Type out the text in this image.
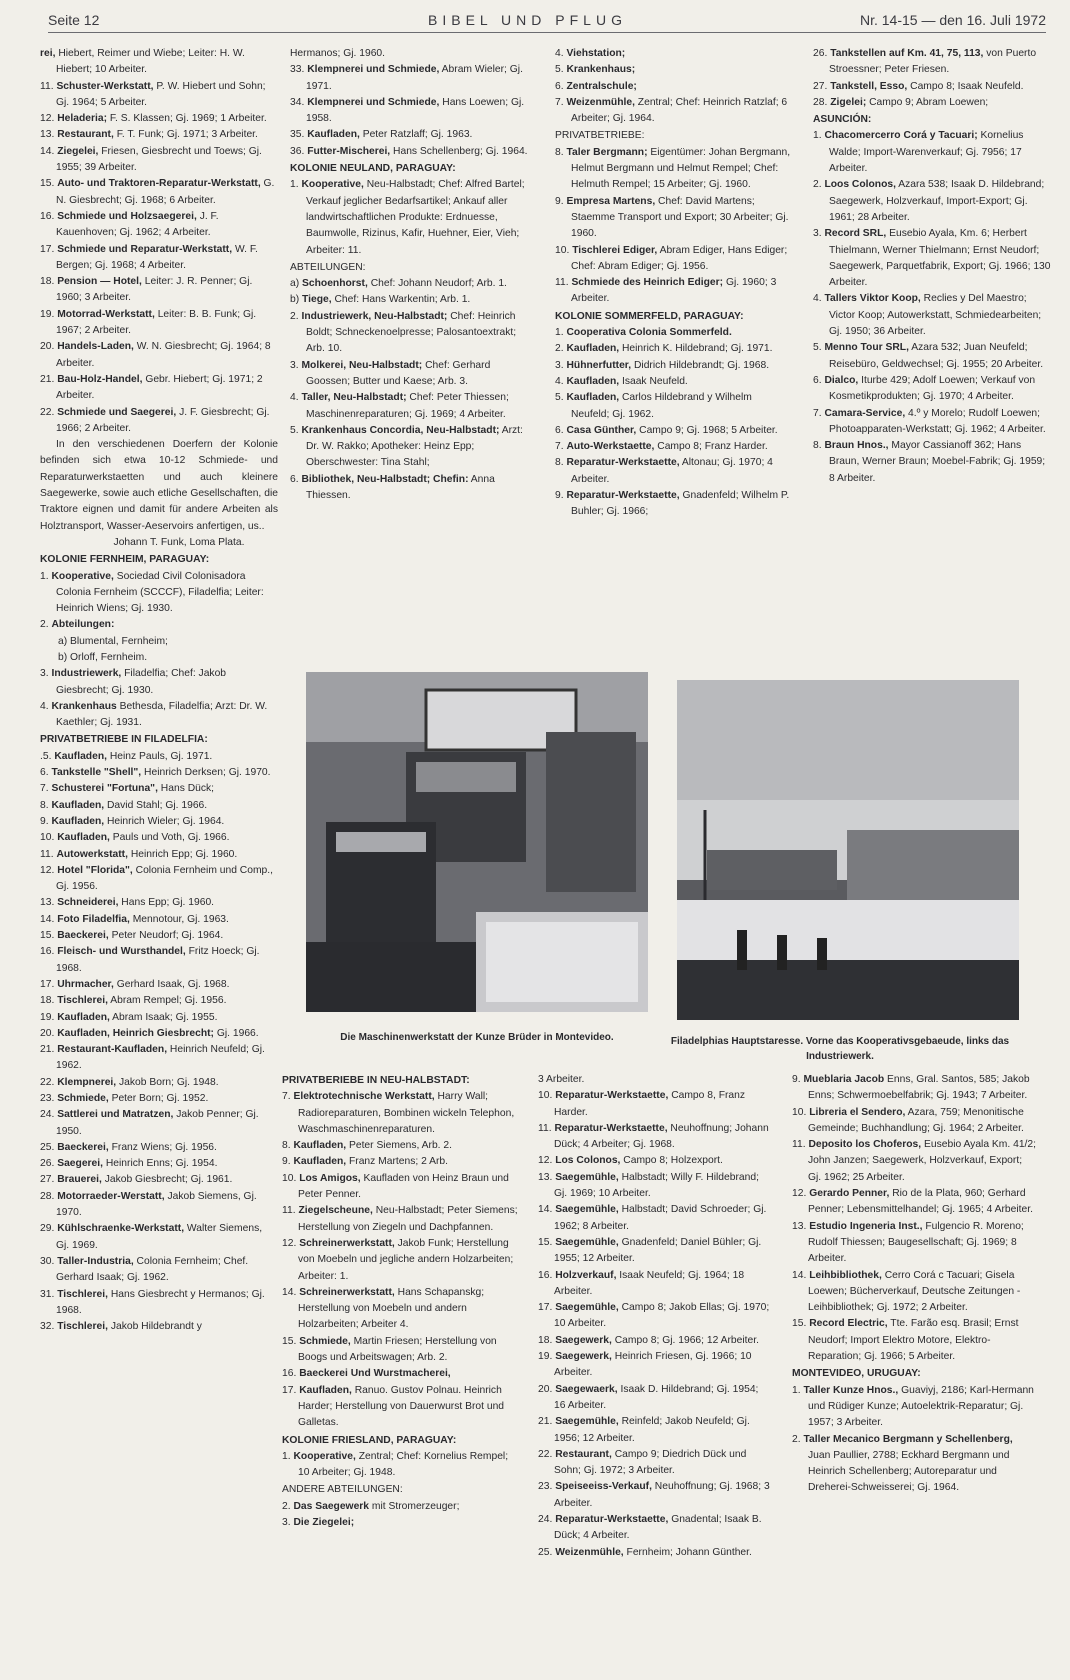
Seite 12	BIBEL UND PFLUG	Nr. 14-15 — den 16. Juli 1972

rei, Hiebert, Reimer und Wiebe; Leiter: H. W. Hiebert; 10 Arbeiter.

11. Schuster-Werkstatt, P. W. Hiebert und Sohn; Gj. 1964; 5 Arbeiter.

12. Heladeria; F. S. Klassen; Gj. 1969; 1 Arbeiter.

13. Restaurant, F. T. Funk; Gj. 1971; 3 Arbeiter.

14. Ziegelei, Friesen, Giesbrecht und Toews; Gj. 1955; 39 Arbeiter.

15. Auto- und Traktoren-Reparatur-Werkstatt, G. N. Giesbrecht; Gj. 1968; 6 Arbeiter.

16. Schmiede und Holzsaegerei, J. F. Kauenhoven; Gj. 1962; 4 Arbeiter.

17. Schmiede und Reparatur-Werkstatt, W. F. Bergen; Gj. 1968; 4 Arbeiter.

18. Pension — Hotel, Leiter: J. R. Penner; Gj. 1960; 3 Arbeiter.

19. Motorrad-Werkstatt, Leiter: B. B. Funk; Gj. 1967; 2 Arbeiter.

20. Handels-Laden, W. N. Giesbrecht; Gj. 1964; 8 Arbeiter.

21. Bau-Holz-Handel, Gebr. Hiebert; Gj. 1971; 2 Arbeiter.

22. Schmiede und Saegerei, J. F. Giesbrecht; Gj. 1966; 2 Arbeiter.

In den verschiedenen Doerfern der Kolonie befinden sich etwa 10-12 Schmiede- und Reparaturwerkstaetten und auch kleinere Saegewerke, sowie auch etliche Gesellschaften, die Traktore eignen und damit für andere Arbeiten als Holztransport, Wasser-Aeservoirs anfertigen, us..

Johann T. Funk, Loma Plata.

KOLONIE FERNHEIM, PARAGUAY:

1. Kooperative, Sociedad Civil Colonisadora Colonia Fernheim (SCCCF), Filadelfia; Leiter: Heinrich Wiens; Gj. 1930.

2. Abteilungen:

a) Blumental, Fernheim;

b) Orloff, Fernheim.

3. Industriewerk, Filadelfia; Chef: Jakob Giesbrecht; Gj. 1930.

4. Krankenhaus Bethesda, Filadelfia; Arzt: Dr. W. Kaethler; Gj. 1931.

PRIVATBETRIEBE IN FILADELFIA:

.5. Kaufladen, Heinz Pauls, Gj. 1971.

6. Tankstelle "Shell", Heinrich Derksen; Gj. 1970.

7. Schusterei "Fortuna", Hans Dück;

8. Kaufladen, David Stahl; Gj. 1966.

9. Kaufladen, Heinrich Wieler; Gj. 1964.

10. Kaufladen, Pauls und Voth, Gj. 1966.

11. Autowerkstatt, Heinrich Epp; Gj. 1960.

12. Hotel "Florida", Colonia Fernheim und Comp., Gj. 1956.

13. Schneiderei, Hans Epp; Gj. 1960.

14. Foto Filadelfia, Mennotour, Gj. 1963.

15. Baeckerei, Peter Neudorf; Gj. 1964.

16. Fleisch- und Wursthandel, Fritz Hoeck; Gj. 1968.

17. Uhrmacher, Gerhard Isaak, Gj. 1968.

18. Tischlerei, Abram Rempel; Gj. 1956.

19. Kaufladen, Abram Isaak; Gj. 1955.

20. Kaufladen, Heinrich Giesbrecht; Gj. 1966.

21. Restaurant-Kaufladen, Heinrich Neufeld; Gj. 1962.

22. Klempnerei, Jakob Born; Gj. 1948.

23. Schmiede, Peter Born; Gj. 1952.

24. Sattlerei und Matratzen, Jakob Penner; Gj. 1950.

25. Baeckerei, Franz Wiens; Gj. 1956.

26. Saegerei, Heinrich Enns; Gj. 1954.

27. Brauerei, Jakob Giesbrecht; Gj. 1961.

28. Motorraeder-Werstatt, Jakob Siemens, Gj. 1970.

29. Kühlschraenke-Werkstatt, Walter Siemens, Gj. 1969.

30. Taller-Industria, Colonia Fernheim; Chef. Gerhard Isaak; Gj. 1962.

31. Tischlerei, Hans Giesbrecht y Hermanos; Gj. 1968.

32. Tischlerei, Jakob Hildebrandt y

Hermanos; Gj. 1960.

33. Klempnerei und Schmiede, Abram Wieler; Gj. 1971.

34. Klempnerei und Schmiede, Hans Loewen; Gj. 1958.

35. Kaufladen, Peter Ratzlaff; Gj. 1963.

36. Futter-Mischerei, Hans Schellenberg; Gj. 1964.

KOLONIE NEULAND, PARAGUAY:

1. Kooperative, Neu-Halbstadt; Chef: Alfred Bartel; Verkauf jeglicher Bedarfsartikel; Ankauf aller landwirtschaftlichen Produkte: Erdnuesse, Baumwolle, Rizinus, Kafir, Huehner, Eier, Vieh; Arbeiter: 11.

ABTEILUNGEN:

a) Schoenhorst, Chef: Johann Neudorf; Arb. 1.

b) Tiege, Chef: Hans Warkentin; Arb. 1.

2. Industriewerk, Neu-Halbstadt; Chef: Heinrich Boldt; Schneckenoelpresse; Palosantoextrakt; Arb. 10.

3. Molkerei, Neu-Halbstadt; Chef: Gerhard Goossen; Butter und Kaese; Arb. 3.

4. Taller, Neu-Halbstadt; Chef: Peter Thiessen; Maschinenreparaturen; Gj. 1969; 4 Arbeiter.

5. Krankenhaus Concordia, Neu-Halbstadt; Arzt: Dr. W. Rakko; Apotheker: Heinz Epp; Oberschwester: Tina Stahl;

6. Bibliothek, Neu-Halbstadt; Chefin: Anna Thiessen.

4. Viehstation;

5. Krankenhaus;

6. Zentralschule;

7. Weizenmühle, Zentral; Chef: Heinrich Ratzlaf; 6 Arbeiter; Gj. 1964.

PRIVATBETRIEBE:

8. Taler Bergmann; Eigentümer: Johan Bergmann, Helmut Bergmann und Helmut Rempel; Chef: Helmuth Rempel; 15 Arbeiter; Gj. 1960.

9. Empresa Martens, Chef: David Martens; Staemme Transport und Export; 30 Arbeiter; Gj. 1960.

10. Tischlerei Ediger, Abram Ediger, Hans Ediger; Chef: Abram Ediger; Gj. 1956.

11. Schmiede des Heinrich Ediger; Gj. 1960; 3 Arbeiter.

KOLONIE SOMMERFELD, PARAGUAY:

1. Cooperativa Colonia Sommerfeld.

2. Kaufladen, Heinrich K. Hildebrand; Gj. 1971.

3. Hühnerfutter, Didrich Hildebrandt; Gj. 1968.

4. Kaufladen, Isaak Neufeld.

5. Kaufladen, Carlos Hildebrand y Wilhelm Neufeld; Gj. 1962.

6. Casa Günther, Campo 9; Gj. 1968; 5 Arbeiter.

7. Auto-Werkstaette, Campo 8; Franz Harder.

8. Reparatur-Werkstaette, Altonau; Gj. 1970; 4 Arbeiter.

9. Reparatur-Werkstaette, Gnadenfeld; Wilhelm P. Buhler; Gj. 1966;

26. Tankstellen auf Km. 41, 75, 113, von Puerto Stroessner; Peter Friesen.

27. Tankstell, Esso, Campo 8; Isaak Neufeld.

28. Zigelei; Campo 9; Abram Loewen;

ASUNCIÓN:

1. Chacomercerro Corá y Tacuari; Kornelius Walde; Import-Warenverkauf; Gj. 7956; 17 Arbeiter.

2. Loos Colonos, Azara 538; Isaak D. Hildebrand; Saegewerk, Holzverkauf, Import-Export; Gj. 1961; 28 Arbeiter.

3. Record SRL, Eusebio Ayala, Km. 6; Herbert Thielmann, Werner Thielmann; Ernst Neudorf; Saegewerk, Parquetfabrik, Export; Gj. 1966; 130 Arbeiter.

4. Tallers Viktor Koop, Reclies y Del Maestro; Victor Koop; Autowerkstatt, Schmiedearbeiten; Gj. 1950; 36 Arbeiter.

5. Menno Tour SRL, Azara 532; Juan Neufeld; Reisebüro, Geldwechsel; Gj. 1955; 20 Arbeiter.

6. Dialco, Iturbe 429; Adolf Loewen; Verkauf von Kosmetikprodukten; Gj. 1970; 4 Arbeiter.

7. Camara-Service, 4.º y Morelo; Rudolf Loewen; Photoapparaten-Werkstatt; Gj. 1962; 4 Arbeiter.

8. Braun Hnos., Mayor Cassianoff 362; Hans Braun, Werner Braun; Moebel-Fabrik; Gj. 1959; 8 Arbeiter.

Die Maschinenwerkstatt der Kunze Brüder in Montevideo.	Filadelphias Hauptstaresse. Vorne das Kooperativsgebaeude, links das Industriewerk.

PRIVATBERIEBE IN NEU-HALBSTADT:

7. Elektrotechnische Werkstatt, Harry Wall; Radioreparaturen, Bombinen wickeln Telephon, Waschmaschinenreparaturen.

8. Kaufladen, Peter Siemens, Arb. 2.

9. Kaufladen, Franz Martens; 2 Arb.

10. Los Amigos, Kaufladen von Heinz Braun und Peter Penner.

11. Ziegelscheune, Neu-Halbstadt; Peter Siemens; Herstellung von Ziegeln und Dachpfannen.

12. Schreinerwerkstatt, Jakob Funk; Herstellung von Moebeln und jegliche andern Holzarbeiten; Arbeiter: 1.

14. Schreinerwerkstatt, Hans Schapanskg; Herstellung von Moebeln und andern Holzarbeiten; Arbeiter 4.

15. Schmiede, Martin Friesen; Herstellung von Boogs und Arbeitswagen; Arb. 2.

16. Baeckerei Und Wurstmacherei,

17. Kaufladen, Ranuo. Gustov Polnau. Heinrich Harder; Herstellung von Dauerwurst Brot und Galletas.

KOLONIE FRIESLAND, PARAGUAY:

1. Kooperative, Zentral; Chef: Kornelius Rempel; 10 Arbeiter; Gj. 1948.

ANDERE ABTEILUNGEN:

2. Das Saegewerk mit Stromerzeuger;

3. Die Ziegelei;

3 Arbeiter.

10. Reparatur-Werkstaette, Campo 8, Franz Harder.

11. Reparatur-Werkstaette, Neuhoffnung; Johann Dück; 4 Arbeiter; Gj. 1968.

12. Los Colonos, Campo 8; Holzexport.

13. Saegemühle, Halbstadt; Willy F. Hildebrand; Gj. 1969; 10 Arbeiter.

14. Saegemühle, Halbstadt; David Schroeder; Gj. 1962; 8 Arbeiter.

15. Saegemühle, Gnadenfeld; Daniel Bühler; Gj. 1955; 12 Arbeiter.

16. Holzverkauf, Isaak Neufeld; Gj. 1964; 18 Arbeiter.

17. Saegemühle, Campo 8; Jakob Ellas; Gj. 1970; 10 Arbeiter.

18. Saegewerk, Campo 8; Gj. 1966; 12 Arbeiter.

19. Saegewerk, Heinrich Friesen, Gj. 1966; 10 Arbeiter.

20. Saegewaerk, Isaak D. Hildebrand; Gj. 1954; 16 Arbeiter.

21. Saegemühle, Reinfeld; Jakob Neufeld; Gj. 1956; 12 Arbeiter.

22. Restaurant, Campo 9; Diedrich Dück und Sohn; Gj. 1972; 3 Arbeiter.

23. Speiseeiss-Verkauf, Neuhoffnung; Gj. 1968; 3 Arbeiter.

24. Reparatur-Werkstaette, Gnadental; Isaak B. Dück; 4 Arbeiter.

25. Weizenmühle, Fernheim; Johann Günther.

9. Mueblaria Jacob Enns, Gral. Santos, 585; Jakob Enns; Schwermoebelfabrik; Gj. 1943; 7 Arbeiter.

10. Libreria el Sendero, Azara, 759; Menonitische Gemeinde; Buchhandlung; Gj. 1964; 2 Arbeiter.

11. Deposito los Choferos, Eusebio Ayala Km. 41/2; John Janzen; Saegewerk, Holzverkauf, Export; Gj. 1962; 25 Arbeiter.

12. Gerardo Penner, Rio de la Plata, 960; Gerhard Penner; Lebensmittelhandel; Gj. 1965; 4 Arbeiter.

13. Estudio Ingeneria Inst., Fulgencio R. Moreno; Rudolf Thiessen; Baugesellschaft; Gj. 1969; 8 Arbeiter.

14. Leihbibliothek, Cerro Corá c Tacuari; Gisela Loewen; Bücherverkauf, Deutsche Zeitungen - Leihbibliothek; Gj. 1972; 2 Arbeiter.

15. Record Electric, Tte. Farão esq. Brasil; Ernst Neudorf; Import Elektro Motore, Elektro-Reparation; Gj. 1966; 5 Arbeiter.

MONTEVIDEO, URUGUAY:

1. Taller Kunze Hnos., Guaviyj, 2186; Karl-Hermann und Rüdiger Kunze; Autoelektrik-Reparatur; Gj. 1957; 3 Arbeiter.

2. Taller Mecanico Bergmann y Schellenberg, Juan Paullier, 2788; Eckhard Bergmann und Heinrich Schellenberg; Autoreparatur und Dreherei-Schweisserei; Gj. 1964.
